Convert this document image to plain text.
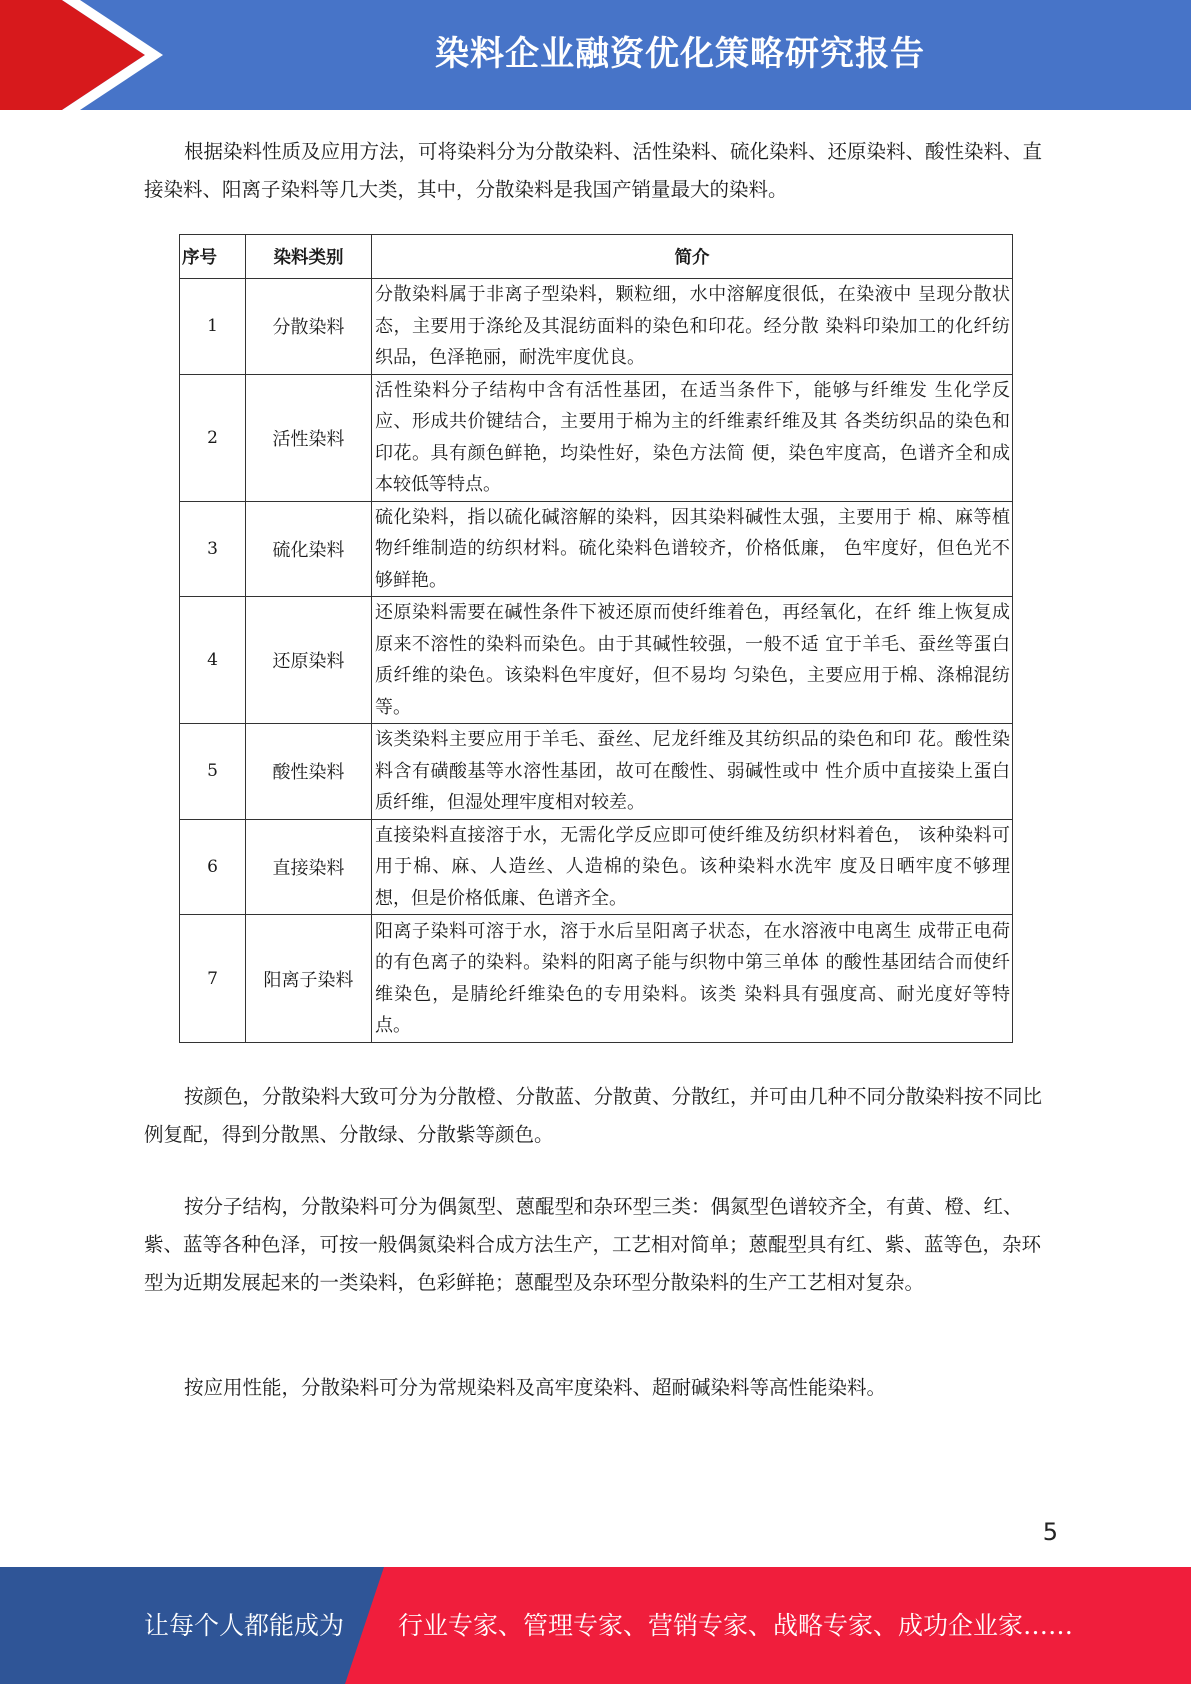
染料企业融资优化策略研究报告

根据染料性质及应用方法，可将染料分为分散染料、活性染料、硫化染料、还原染料、酸性染料、直接染料、阳离子染料等几大类，其中，分散染料是我国产销量最大的染料。

序号	染料类别	简介
1	分散染料	分散染料属于非离子型染料，颗粒细，水中溶解度很低，在染液中 呈现分散状态，主要用于涤纶及其混纺面料的染色和印花。经分散 染料印染加工的化纤纺织品，色泽艳丽，耐洗牢度优良。
2	活性染料	活性染料分子结构中含有活性基团，在适当条件下，能够与纤维发 生化学反应、形成共价键结合，主要用于棉为主的纤维素纤维及其 各类纺织品的染色和印花。具有颜色鲜艳，均染性好，染色方法简 便，染色牢度高，色谱齐全和成本较低等特点。
3	硫化染料	硫化染料，指以硫化碱溶解的染料，因其染料碱性太强，主要用于 棉、麻等植物纤维制造的纺织材料。硫化染料色谱较齐，价格低廉， 色牢度好，但色光不够鲜艳。
4	还原染料	还原染料需要在碱性条件下被还原而使纤维着色，再经氧化，在纤 维上恢复成原来不溶性的染料而染色。由于其碱性较强，一般不适 宜于羊毛、蚕丝等蛋白质纤维的染色。该染料色牢度好，但不易均 匀染色，主要应用于棉、涤棉混纺等。
5	酸性染料	该类染料主要应用于羊毛、蚕丝、尼龙纤维及其纺织品的染色和印 花。酸性染料含有磺酸基等水溶性基团，故可在酸性、弱碱性或中 性介质中直接染上蛋白质纤维，但湿处理牢度相对较差。
6	直接染料	直接染料直接溶于水，无需化学反应即可使纤维及纺织材料着色， 该种染料可用于棉、麻、人造丝、人造棉的染色。该种染料水洗牢 度及日晒牢度不够理想，但是价格低廉、色谱齐全。
7	阳离子染料	阳离子染料可溶于水，溶于水后呈阳离子状态，在水溶液中电离生 成带正电荷的有色离子的染料。染料的阳离子能与织物中第三单体 的酸性基团结合而使纤维染色，是腈纶纤维染色的专用染料。该类 染料具有强度高、耐光度好等特点。

按颜色，分散染料大致可分为分散橙、分散蓝、分散黄、分散红，并可由几种不同分散染料按不同比例复配，得到分散黑、分散绿、分散紫等颜色。

按分子结构，分散染料可分为偶氮型、蒽醌型和杂环型三类：偶氮型色谱较齐全，有黄、橙、红、紫、蓝等各种色泽，可按一般偶氮染料合成方法生产，工艺相对简单；蒽醌型具有红、紫、蓝等色，杂环型为近期发展起来的一类染料，色彩鲜艳；蒽醌型及杂环型分散染料的生产工艺相对复杂。

按应用性能，分散染料可分为常规染料及高牢度染料、超耐碱染料等高性能染料。

5
让每个人都能成为 行业专家、管理专家、营销专家、战略专家、成功企业家……
